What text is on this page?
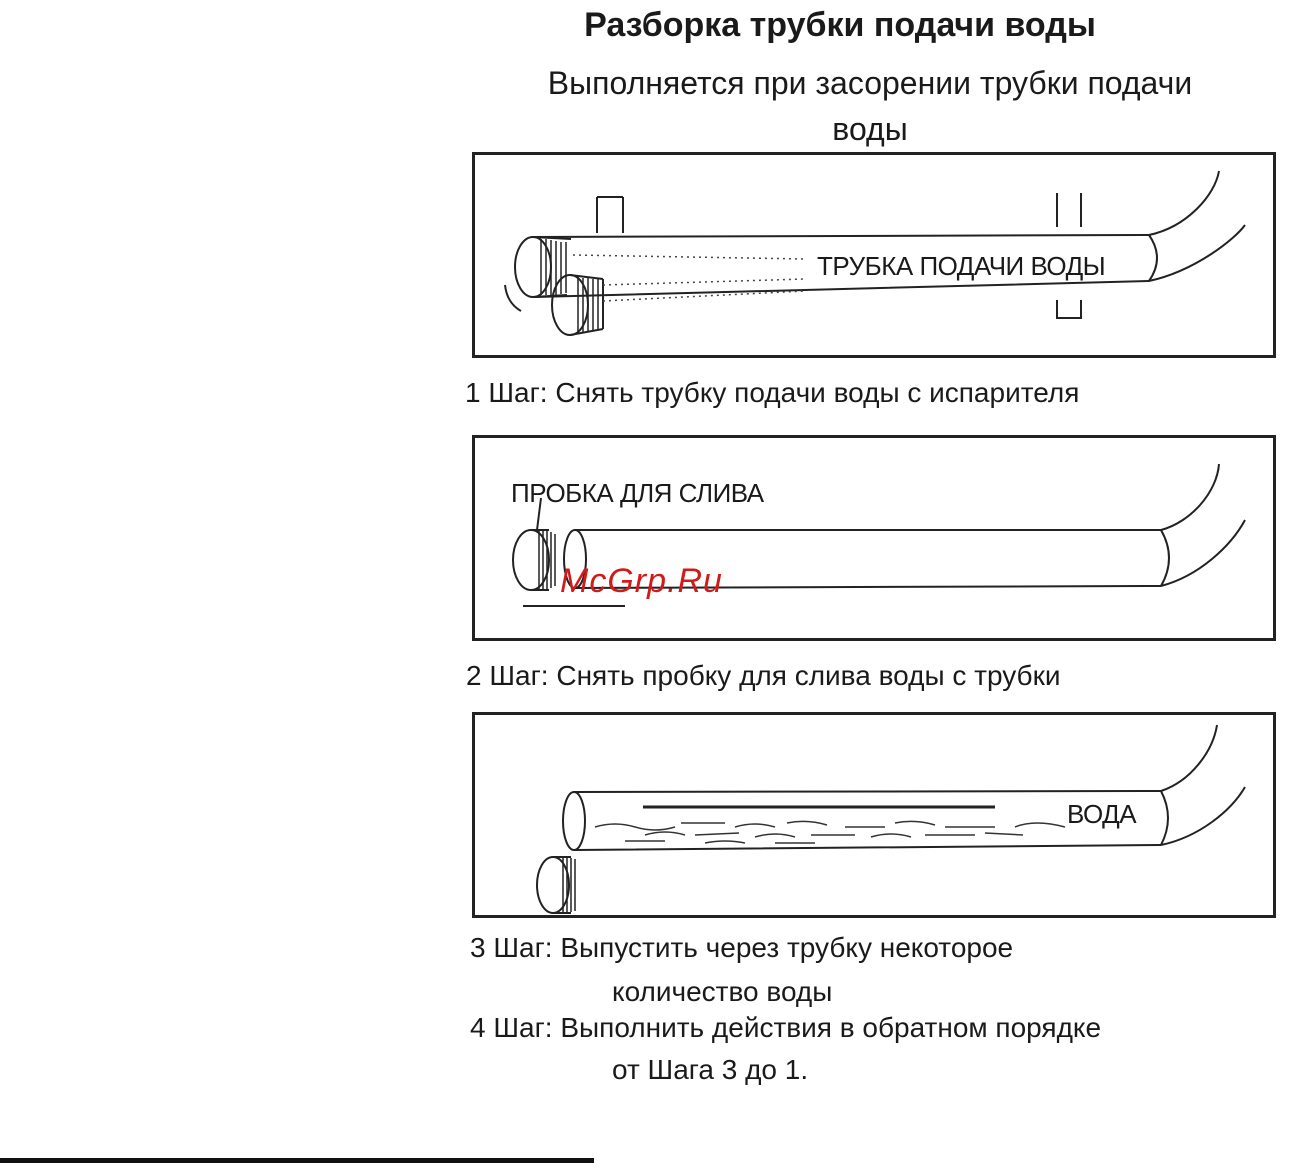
Разборка трубки подачи воды
Выполняется при засорении трубки подачи
воды
ТРУБКА ПОДАЧИ ВОДЫ
1 Шаг: Снять трубку подачи воды с испарителя
ПРОБКА ДЛЯ СЛИВА
2 Шаг: Снять пробку для слива воды с трубки
ВОДА
3 Шаг: Выпустить через трубку некоторое
количество воды
4 Шаг: Выполнить действия в обратном порядке
от Шага 3 до 1.
McGrp.Ru
